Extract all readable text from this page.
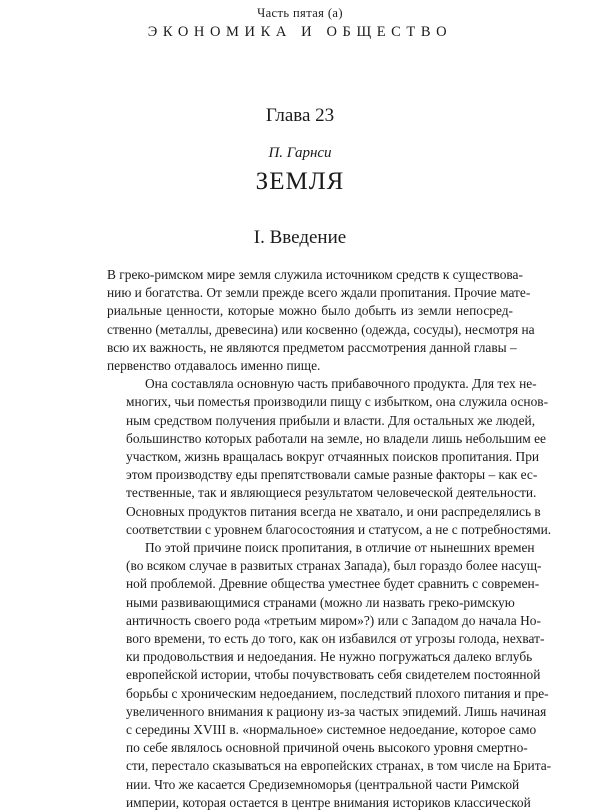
Часть пятая (a)
ЭКОНОМИКА И ОБЩЕСТВО
Глава 23
П. Гарнси
ЗЕМЛЯ
I. Введение
В греко-римском мире земля служила источником средств к существова-
нию и богатства. От земли прежде всего ждали пропитания. Прочие мате-
риальные ценности, которые можно было добыть из земли непосред-
ственно (металлы, древесина) или косвенно (одежда, сосуды), несмотря на
всю их важность, не являются предметом рассмотрения данной главы –
первенство отдавалось именно пище.
Она составляла основную часть прибавочного продукта. Для тех не-
многих, чьи поместья производили пищу с избытком, она служила основ-
ным средством получения прибыли и власти. Для остальных же людей,
большинство которых работали на земле, но владели лишь небольшим ее
участком, жизнь вращалась вокруг отчаянных поисков пропитания. При
этом производству еды препятствовали самые разные факторы – как ес-
тественные, так и являющиеся результатом человеческой деятельности.
Основных продуктов питания всегда не хватало, и они распределялись в
соответствии с уровнем благосостояния и статусом, а не с потребностями.
По этой причине поиск пропитания, в отличие от нынешних времен
(во всяком случае в развитых странах Запада), был гораздо более насущ-
ной проблемой. Древние общества уместнее будет сравнить с современ-
ными развивающимися странами (можно ли назвать греко-римскую
античность своего рода «третьим миром»?) или с Западом до начала Но-
вого времени, то есть до того, как он избавился от угрозы голода, нехват-
ки продовольствия и недоедания. Не нужно погружаться далеко вглубь
европейской истории, чтобы почувствовать себя свидетелем постоянной
борьбы с хроническим недоеданием, последствий плохого питания и пре-
увеличенного внимания к рациону из-за частых эпидемий. Лишь начиная
с середины XVIII в. «нормальное» системное недоедание, которое само
по себе являлось основной причиной очень высокого уровня смертно-
сти, перестало сказываться на европейских странах, в том числе на Брита-
нии. Что же касается Средиземноморья (центральной части Римской
империи, которая остается в центре внимания историков классической
